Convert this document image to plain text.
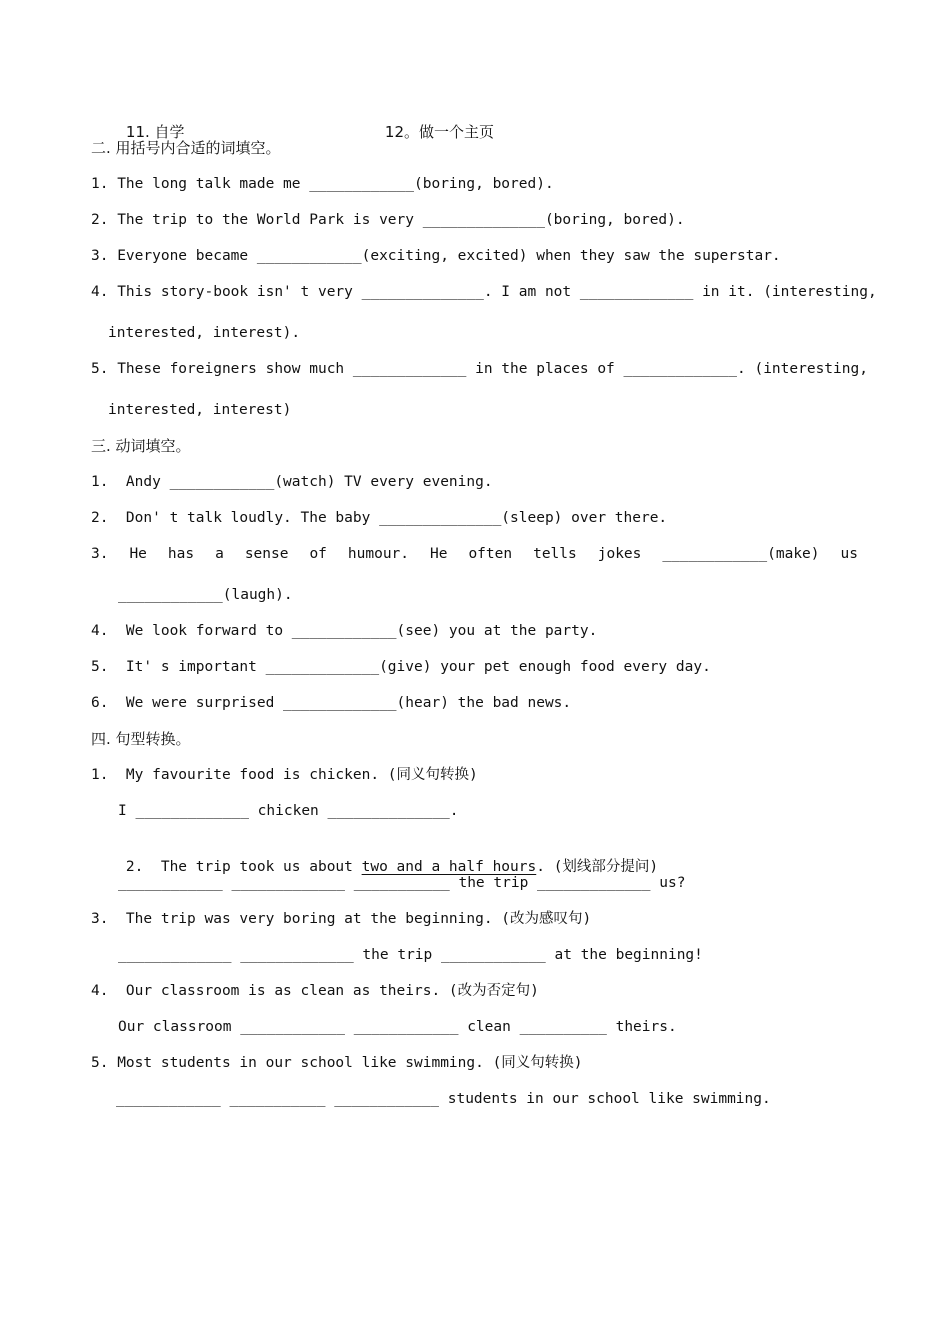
11. 自学
	12。做一个主页

二. 用括号内合适的词填空。
1. The long talk made me ____________(boring, bored).
2. The trip to the World Park is very ______________(boring, bored).
3. Everyone became ____________(exciting, excited) when they saw the superstar.
4. This story-book isn' t very ______________. I am not _____________ in it. (interesting,
interested, interest).
5. These foreigners show much _____________ in the places of _____________. (interesting,
interested, interest)
三. 动词填空。
1.  Andy ____________(watch) TV every evening.
2.  Don' t talk loudly. The baby ______________(sleep) over there.
3. He has a sense of humour. He often tells jokes ____________(make) us
____________(laugh).
4.  We look forward to ____________(see) you at the party.
5.  It' s important _____________(give) your pet enough food every day.
6.  We were surprised _____________(hear) the bad news.
四. 句型转换。
1.  My favourite food is chicken. (同义句转换)
I _____________ chicken ______________.

2.  The trip took us about two and a half hours. (划线部分提问)

____________ _____________ ___________ the trip _____________ us?
3.  The trip was very boring at the beginning. (改为感叹句)
_____________ _____________ the trip ____________ at the beginning!
4.  Our classroom is as clean as theirs. (改为否定句)
Our classroom ____________ ____________ clean __________ theirs.
5. Most students in our school like swimming. (同义句转换)
____________ ___________ ____________ students in our school like swimming.
